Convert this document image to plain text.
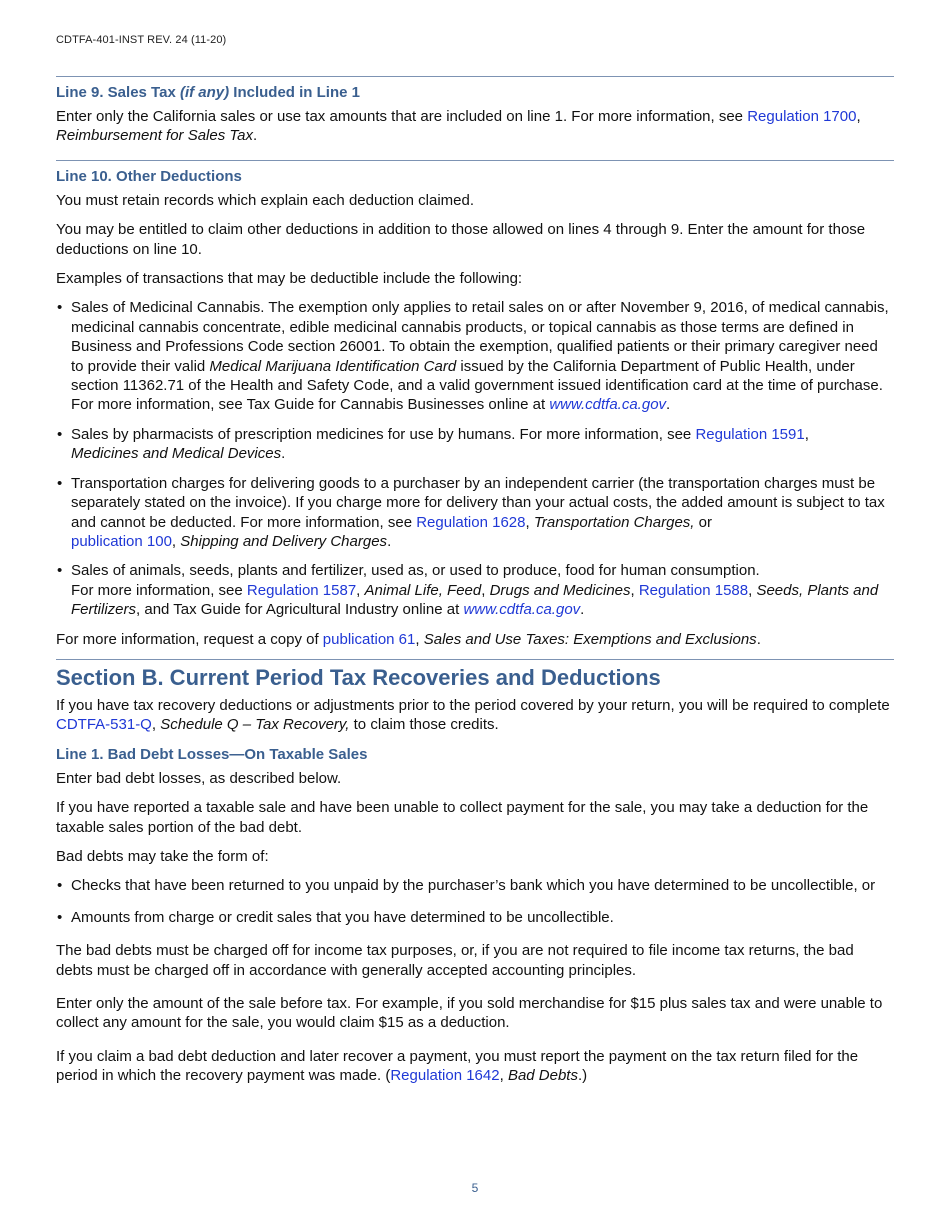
CDTFA-401-INST REV. 24 (11-20)
Line 9. Sales Tax (if any) Included in Line 1

Enter only the California sales or use tax amounts that are included on line 1. For more information, see Regulation 1700,
Reimbursement for Sales Tax.

Line 10. Other Deductions

You must retain records which explain each deduction claimed.

You may be entitled to claim other deductions in addition to those allowed on lines 4 through 9. Enter the amount for those deductions on line 10.

Examples of transactions that may be deductible include the following:

• Sales of Medicinal Cannabis. The exemption only applies to retail sales on or after November 9, 2016, of medical cannabis, medicinal cannabis concentrate, edible medicinal cannabis products, or topical cannabis as those terms are defined in Business and Professions Code section 26001. To obtain the exemption, qualified patients or their primary caregiver need to provide their valid Medical Marijuana Identification Card issued by the California Department of Public Health, under section 11362.71 of the Health and Safety Code, and a valid government issued identification card at the time of purchase. For more information, see Tax Guide for Cannabis Businesses online at www.cdtfa.ca.gov.
• Sales by pharmacists of prescription medicines for use by humans. For more information, see Regulation 1591,
Medicines and Medical Devices.
• Transportation charges for delivering goods to a purchaser by an independent carrier (the transportation charges must be separately stated on the invoice). If you charge more for delivery than your actual costs, the added amount is subject to tax and cannot be deducted. For more information, see Regulation 1628, Transportation Charges, or
publication 100, Shipping and Delivery Charges.
• Sales of animals, seeds, plants and fertilizer, used as, or used to produce, food for human consumption.
For more information, see Regulation 1587, Animal Life, Feed, Drugs and Medicines, Regulation 1588, Seeds, Plants and Fertilizers, and Tax Guide for Agricultural Industry online at www.cdtfa.ca.gov.

For more information, request a copy of publication 61, Sales and Use Taxes: Exemptions and Exclusions.

Section B. Current Period Tax Recoveries and Deductions

If you have tax recovery deductions or adjustments prior to the period covered by your return, you will be required to complete CDTFA-531-Q, Schedule Q – Tax Recovery, to claim those credits.

Line 1. Bad Debt Losses—On Taxable Sales

Enter bad debt losses, as described below.

If you have reported a taxable sale and have been unable to collect payment for the sale, you may take a deduction for the taxable sales portion of the bad debt.

Bad debts may take the form of:

• Checks that have been returned to you unpaid by the purchaser’s bank which you have determined to be uncollectible, or
• Amounts from charge or credit sales that you have determined to be uncollectible.

The bad debts must be charged off for income tax purposes, or, if you are not required to file income tax returns, the bad debts must be charged off in accordance with generally accepted accounting principles.

Enter only the amount of the sale before tax. For example, if you sold merchandise for $15 plus sales tax and were unable to collect any amount for the sale, you would claim $15 as a deduction.

If you claim a bad debt deduction and later recover a payment, you must report the payment on the tax return filed for the period in which the recovery payment was made. (Regulation 1642, Bad Debts.)

5
